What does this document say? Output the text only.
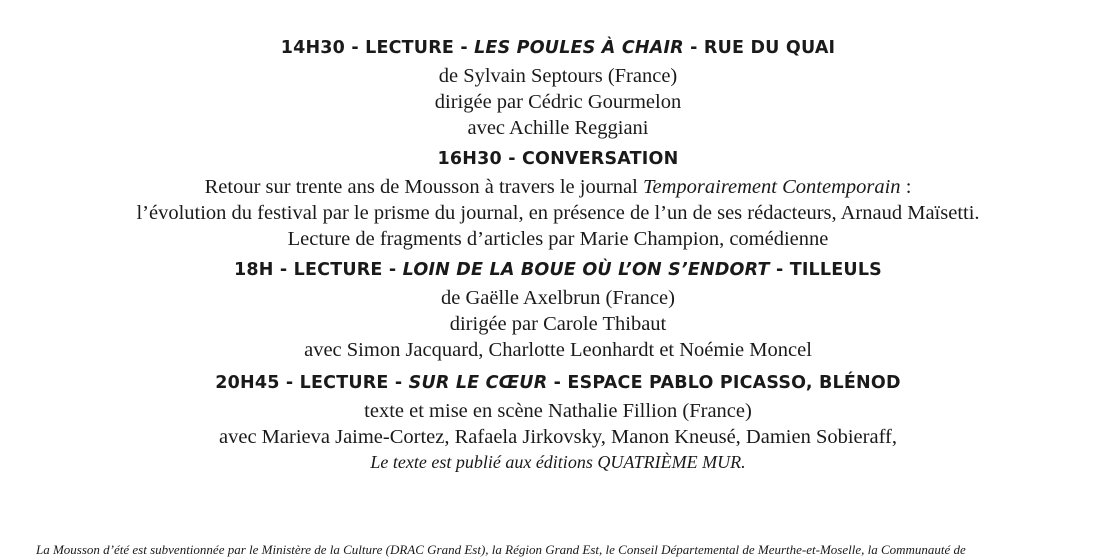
14H30 - LECTURE - LES POULES À CHAIR - RUE DU QUAI

de Sylvain Septours (France)

dirigée par Cédric Gourmelon

avec Achille Reggiani

16H30 - CONVERSATION

Retour sur trente ans de Mousson à travers le journal Temporairement Contemporain :

l’évolution du festival par le prisme du journal, en présence de l’un de ses rédacteurs, Arnaud Maïsetti.

Lecture de fragments d’articles par Marie Champion, comédienne

18H - LECTURE - LOIN DE LA BOUE OÙ L’ON S’ENDORT - TILLEULS

de Gaëlle Axelbrun (France)

dirigée par Carole Thibaut

avec Simon Jacquard, Charlotte Leonhardt et Noémie Moncel

20H45 - LECTURE - SUR LE CŒUR - ESPACE PABLO PICASSO, BLÉNOD

texte et mise en scène Nathalie Fillion (France)

avec Marieva Jaime-Cortez, Rafaela Jirkovsky, Manon Kneusé, Damien Sobieraff,

Le texte est publié aux éditions QUATRIÈME MUR.

La Mousson d’été est subventionnée par le Ministère de la Culture (DRAC Grand Est), la Région Grand Est, le Conseil Départemental de Meurthe-et-Moselle, la Communauté de
